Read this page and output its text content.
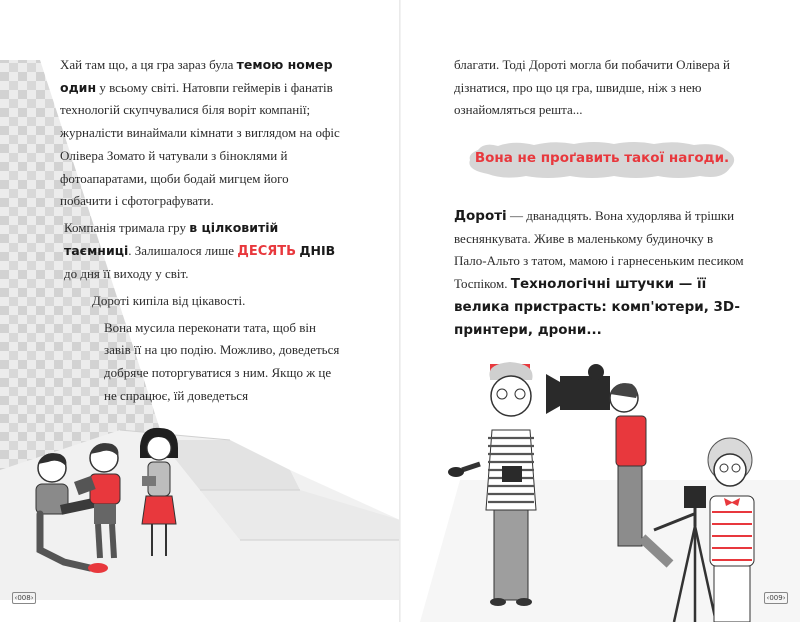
Хай там що, а ця гра зараз була темою номер один у всьому світі. Натовпи геймерів і фанатів технологій скупчувалися біля воріт компанії; журналісти винаймали кімнати з виглядом на офіс Олівера Зомато й чатували з біноклями й фотоапаратами, щоби бодай мигцем його побачити і сфотографувати.

Компанія тримала гру в цілковитій таємниці. Залишалося лише ДЕСЯТЬ ДНІВ до дня її виходу у світ.

Дороті кипіла від цікавості.

Вона мусила переконати тата, щоб він завів її на цю подію. Можливо, доведеться добряче поторгуватися з ним. Якщо ж це не спрацює, їй доведеться

‹008›

благати. Тоді Дороті могла би побачити Олівера й дізнатися, про що ця гра, швидше, ніж з нею ознайомляться решта...

Вона не проґавить такої нагоди.

Дороті — дванадцять. Вона худорлява й трішки веснянкувата. Живе в маленькому будиночку в Пало-Альто з татом, мамою і гарнесеньким песиком Тоспіком. Технологічні штучки — її велика пристрасть: комп'ютери, 3D-принтери, дрони...

‹009›
